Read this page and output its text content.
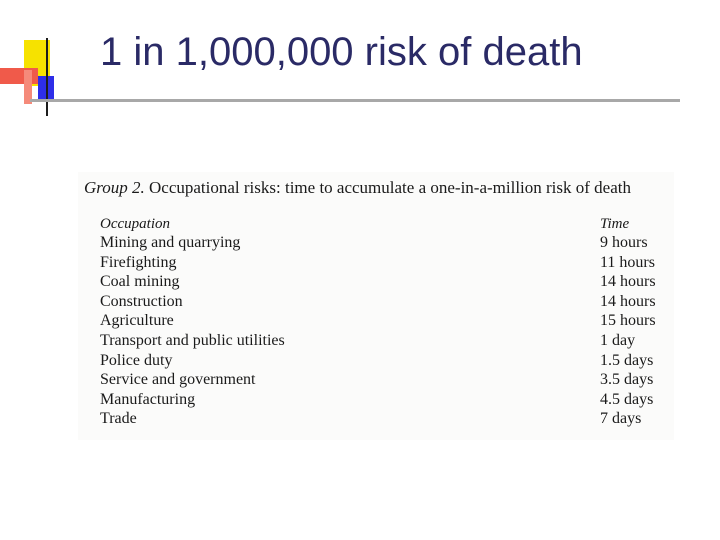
1 in 1,000,000 risk of death
Group 2. Occupational risks: time to accumulate a one-in-a-million risk of death
Occupation	Time
Mining and quarrying	9 hours
Firefighting	11 hours
Coal mining	14 hours
Construction	14 hours
Agriculture	15 hours
Transport and public utilities	1 day
Police duty	1.5 days
Service and government	3.5 days
Manufacturing	4.5 days
Trade	7 days
